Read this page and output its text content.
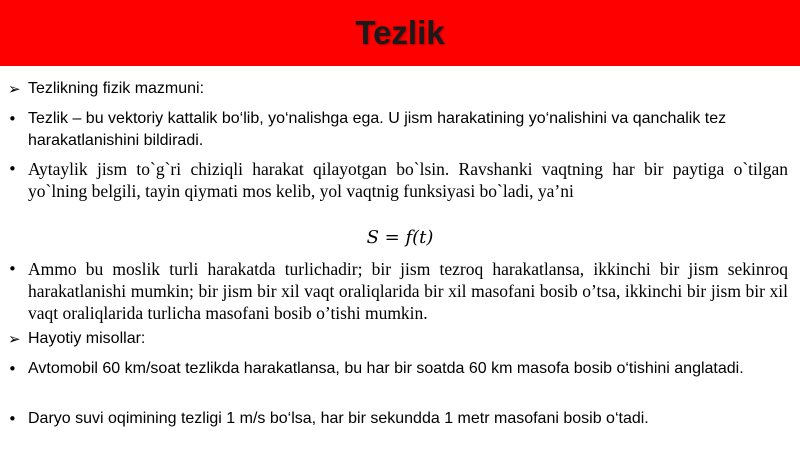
Tezlik
➢ Tezlikning fizik mazmuni:
• Tezlik – bu vektoriy kattalik bo‘lib, yo‘nalishga ega. U jism harakatining yo‘nalishini va qanchalik tez harakatlanishini bildiradi.
• Aytaylik jism to`g`ri chiziqli harakat qilayotgan bo`lsin. Ravshanki vaqtning har bir paytiga o`tilgan yo`lning belgili, tayin qiymati mos kelib, yol vaqtnig funksiyasi bo`ladi, ya’ni
S = f(t)
• Ammo bu moslik turli harakatda turlichadir; bir jism tezroq harakatlansa, ikkinchi bir jism sekinroq harakatlanishi mumkin; bir jism bir xil vaqt oraliqlarida bir xil masofani bosib o’tsa, ikkinchi bir jism bir xil vaqt oraliqlarida turlicha masofani bosib o’tishi mumkin.
➢ Hayotiy misollar:
• Avtomobil 60 km/soat tezlikda harakatlansa, bu har bir soatda 60 km masofa bosib o‘tishini anglatadi.
• Daryo suvi oqimining tezligi 1 m/s bo‘lsa, har bir sekundda 1 metr masofani bosib o‘tadi.
